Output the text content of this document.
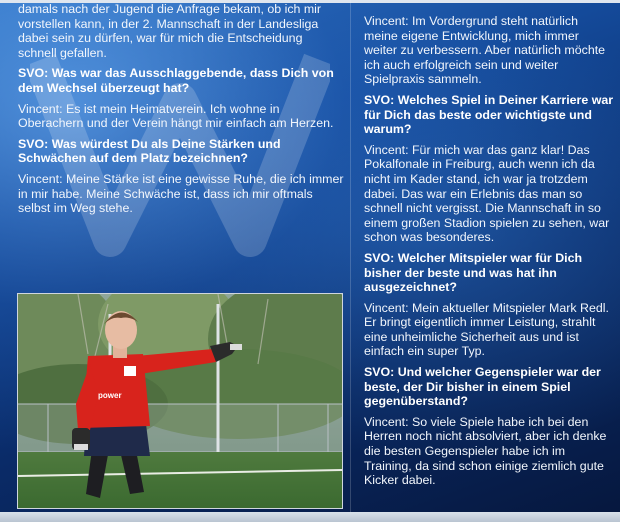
damals nach der Jugend die Anfrage bekam, ob ich mir vorstellen kann, in der 2. Mannschaft in der Landesliga dabei sein zu dürfen, war für mich die Entscheidung schnell gefallen.

SVO: Was war das Ausschlaggebende, dass Dich von dem Wechsel überzeugt hat?

Vincent: Es ist mein Heimatverein. Ich wohne in Oberachern und der Verein hängt mir einfach am Herzen.

SVO: Was würdest Du als Deine Stärken und Schwächen auf dem Platz bezeichnen?

Vincent: Meine Stärke ist eine gewisse Ruhe, die ich immer in mir habe. Meine Schwäche ist, dass ich mir oftmals selbst im Weg stehe.

Vincent: Im Vordergrund steht natürlich meine eigene Entwicklung, mich immer weiter zu verbessern. Aber natürlich möchte ich auch erfolgreich sein und weiter Spielpraxis sammeln.

SVO: Welches Spiel in Deiner Karriere war für Dich das beste oder wichtigste und warum?

Vincent: Für mich war das ganz klar! Das Pokalfonale in Freiburg, auch wenn ich da nicht im Kader stand, ich war ja trotzdem dabei. Das war ein Erlebnis das man so schnell nicht vergisst. Die Mannschaft in so einem großen Stadion spielen zu sehen, war schon was besonderes.

SVO: Welcher Mitspieler war für Dich bisher der beste und was hat ihn ausgezeichnet?

Vincent: Mein aktueller Mitspieler Mark Redl. Er bringt eigentlich immer Leistung, strahlt eine unheimliche Sicherheit aus und ist einfach ein super Typ.

SVO: Und welcher Gegenspieler war der beste, der Dir bisher in einem Spiel gegenüberstand?

Vincent: So viele Spiele habe ich bei den Herren noch nicht absolviert, aber ich denke die besten Gegenspieler habe ich im Training, da sind schon einige ziemlich gute Kicker dabei.

power
